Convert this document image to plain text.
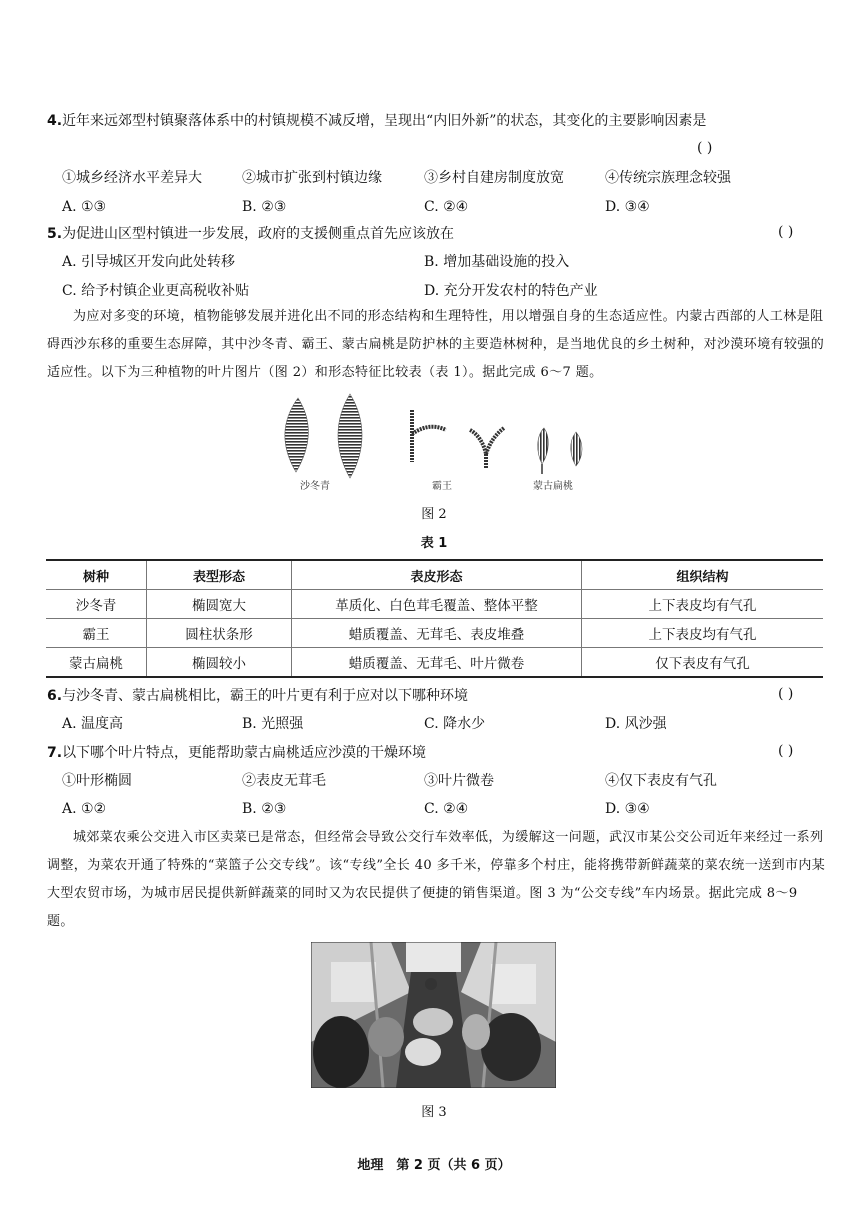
4.近年来远郊型村镇聚落体系中的村镇规模不减反增，呈现出“内旧外新”的状态，其变化的主要影响因素是
( )
①城乡经济水平差异大	②城市扩张到村镇边缘	③乡村自建房制度放宽	④传统宗族理念较强
A. ①③	B. ②③	C. ②④	D. ③④
5.为促进山区型村镇进一步发展，政府的支援侧重点首先应该放在	( )
A. 引导城区开发向此处转移	B. 增加基础设施的投入
C. 给予村镇企业更高税收补贴	D. 充分开发农村的特色产业
为应对多变的环境，植物能够发展并进化出不同的形态结构和生理特性，用以增强自身的生态适应性。内蒙古西部的人工林是阻碍西沙东移的重要生态屏障，其中沙冬青、霸王、蒙古扁桃是防护林的主要造林树种，是当地优良的乡土树种，对沙漠环境有较强的适应性。以下为三种植物的叶片图片（图 2）和形态特征比较表（表 1）。据此完成 6～7 题。
沙冬青	霸王	蒙古扁桃
图 2
表 1
树种	表型形态	表皮形态	组织结构
沙冬青	椭圆宽大	革质化、白色茸毛覆盖、整体平整	上下表皮均有气孔
霸王	圆柱状条形	蜡质覆盖、无茸毛、表皮堆叠	上下表皮均有气孔
蒙古扁桃	椭圆较小	蜡质覆盖、无茸毛、叶片微卷	仅下表皮有气孔
6.与沙冬青、蒙古扁桃相比，霸王的叶片更有利于应对以下哪种环境	( )
A. 温度高	B. 光照强	C. 降水少	D. 风沙强
7.以下哪个叶片特点，更能帮助蒙古扁桃适应沙漠的干燥环境	( )
①叶形椭圆	②表皮无茸毛	③叶片微卷	④仅下表皮有气孔
A. ①②	B. ②③	C. ②④	D. ③④
城郊菜农乘公交进入市区卖菜已是常态，但经常会导致公交行车效率低，为缓解这一问题，武汉市某公交公司近年来经过一系列调整，为菜农开通了特殊的“菜篮子公交专线”。该“专线”全长 40 多千米，停靠多个村庄，能将携带新鲜蔬菜的菜农统一送到市内某大型农贸市场，为城市居民提供新鲜蔬菜的同时又为农民提供了便捷的销售渠道。图 3 为“公交专线”车内场景。据此完成 8～9 题。
图 3
地理　第 2 页（共 6 页）
